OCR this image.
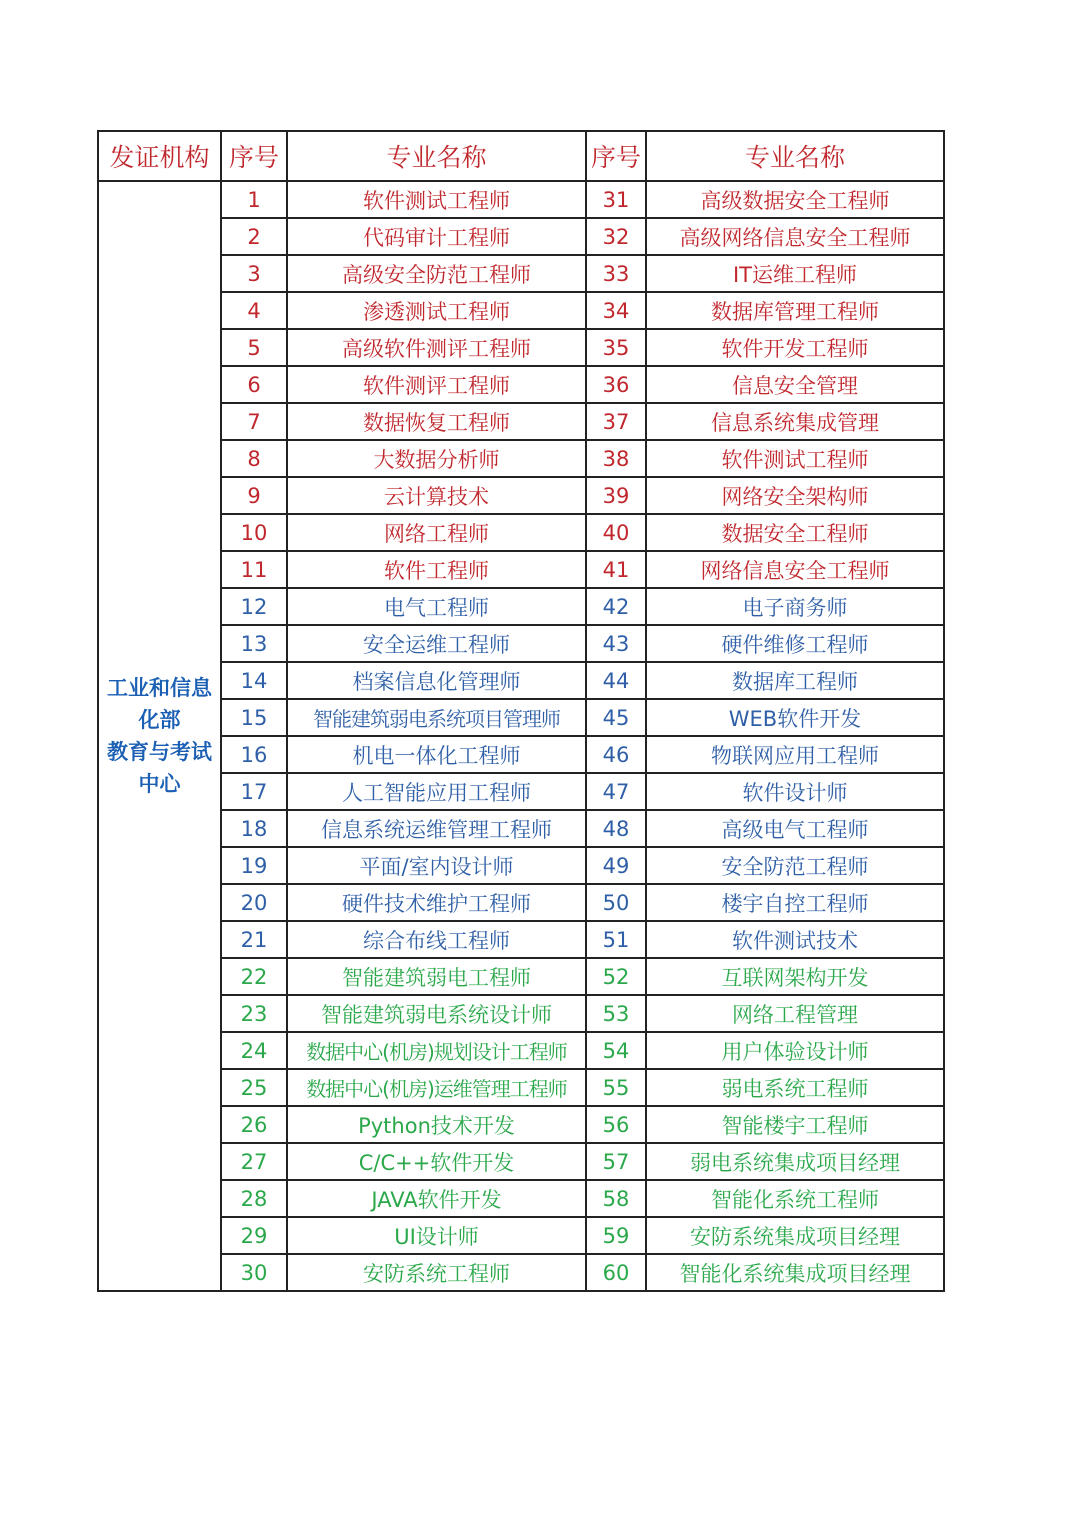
发证机构	序号	专业名称	序号	专业名称

工业和信息
化部
教育与考试
中心	1	软件测试工程师	31	高级数据安全工程师
	2	代码审计工程师	32	高级网络信息安全工程师
	3	高级安全防范工程师	33	IT运维工程师
	4	渗透测试工程师	34	数据库管理工程师
	5	高级软件测评工程师	35	软件开发工程师
	6	软件测评工程师	36	信息安全管理
	7	数据恢复工程师	37	信息系统集成管理
	8	大数据分析师	38	软件测试工程师
	9	云计算技术	39	网络安全架构师
	10	网络工程师	40	数据安全工程师
	11	软件工程师	41	网络信息安全工程师
	12	电气工程师	42	电子商务师
	13	安全运维工程师	43	硬件维修工程师
	14	档案信息化管理师	44	数据库工程师
	15	智能建筑弱电系统项目管理师	45	WEB软件开发
	16	机电一体化工程师	46	物联网应用工程师
	17	人工智能应用工程师	47	软件设计师
	18	信息系统运维管理工程师	48	高级电气工程师
	19	平面/室内设计师	49	安全防范工程师
	20	硬件技术维护工程师	50	楼宇自控工程师
	21	综合布线工程师	51	软件测试技术
	22	智能建筑弱电工程师	52	互联网架构开发
	23	智能建筑弱电系统设计师	53	网络工程管理
	24	数据中心(机房)规划设计工程师	54	用户体验设计师
	25	数据中心(机房)运维管理工程师	55	弱电系统工程师
	26	Python技术开发	56	智能楼宇工程师
	27	C/C++软件开发	57	弱电系统集成项目经理
	28	JAVA软件开发	58	智能化系统工程师
	29	UI设计师	59	安防系统集成项目经理
	30	安防系统工程师	60	智能化系统集成项目经理
